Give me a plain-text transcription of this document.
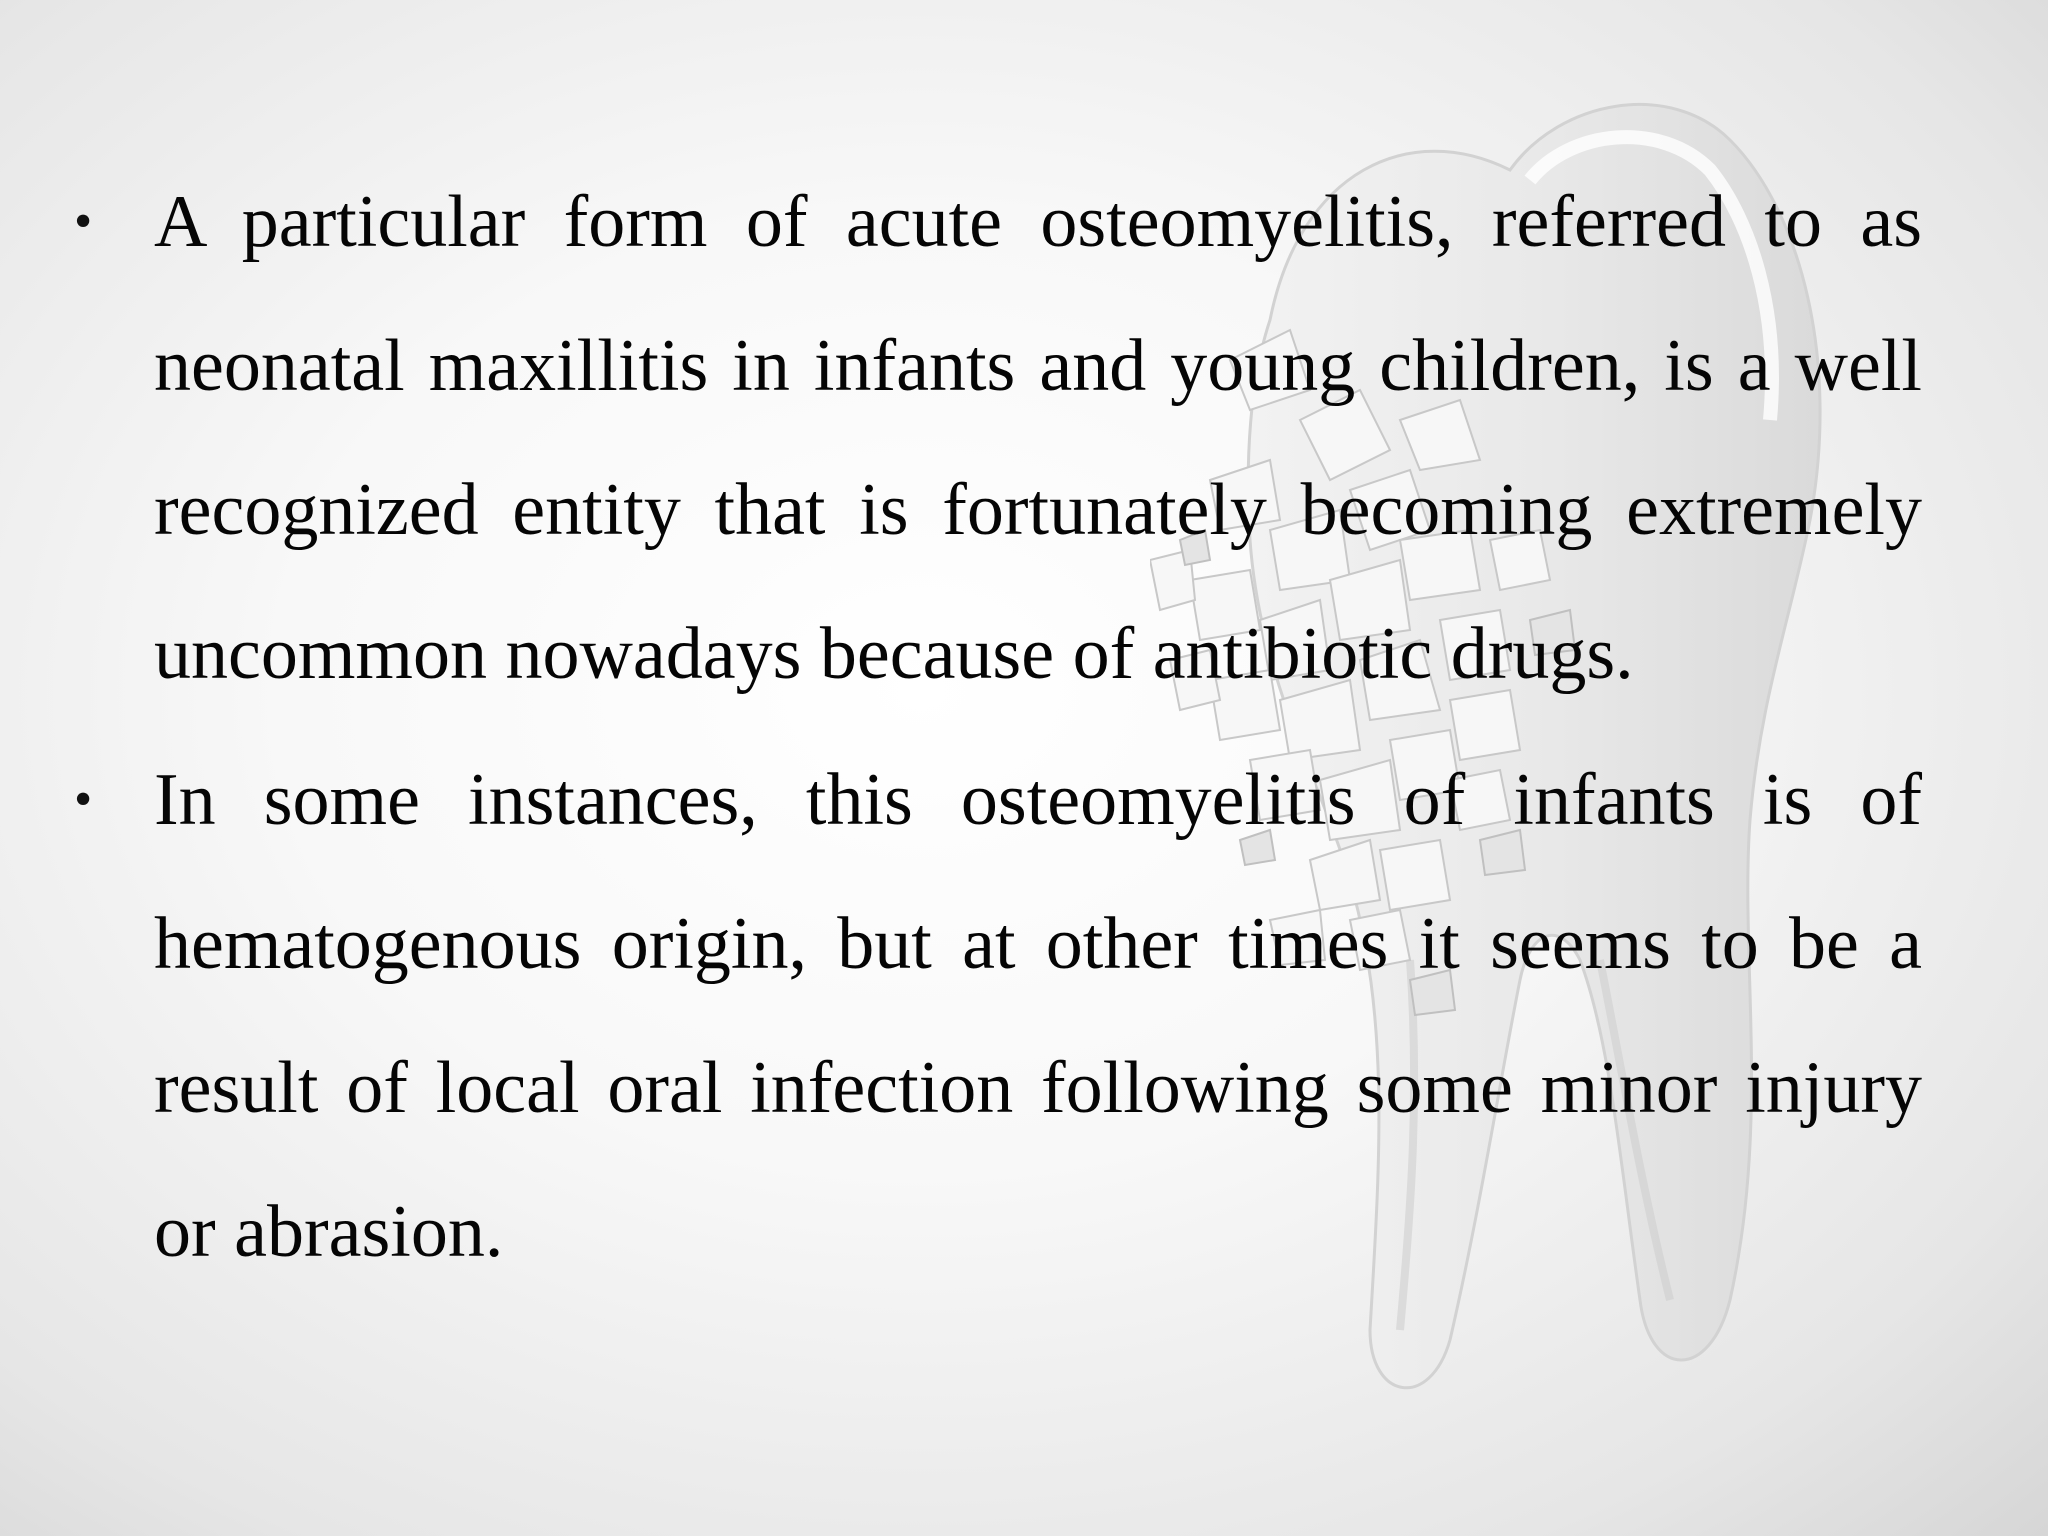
• A particular form of acute osteomyelitis, referred to as neonatal maxillitis in infants and young children, is a well recognized entity that is fortunately becoming extremely uncommon nowadays because of antibiotic drugs.

• In some instances, this osteomyelitis of infants is of hematogenous origin, but at other times it seems to be a result of local oral infection following some minor injury or abrasion.
